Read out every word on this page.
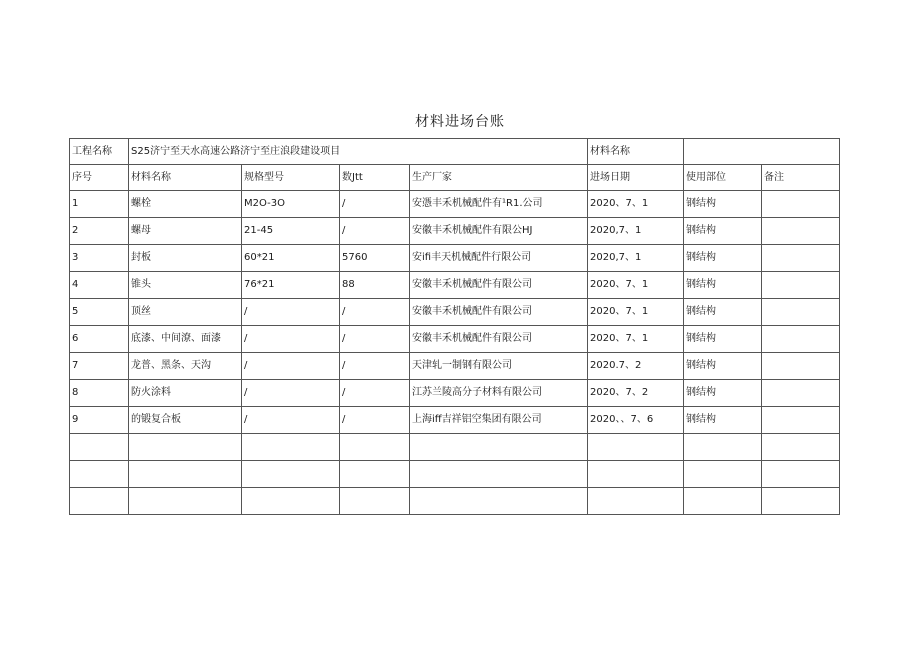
材料进场台账
工程名称	S25济宁至天水高速公路济宁至庄浪段建设项目				材料名称		
序号	材料名称	规格型号	数Jtt	生产厂家	进场日期	使用部位	备注
1	螺栓	M2O-3O	/	安憑丰禾机械配件有¹R1.公司	2020、7、1	钢结构	
2	螺母	21-45	/	安徽丰禾机械配件有限公HJ	2020,7、1	钢结构	
3	封板	60*21	5760	安ifi丰天机械配件行限公司	2020,7、1	钢结构	
4	锥头	76*21	88	安徽丰禾机械配件有限公司	2020、7、1	钢结构	
5	顶丝	/	/	安徽丰禾机械配件有限公司	2020、7、1	钢结构	
6	底漆、中间潦、面漆	/	/	安徽丰禾机械配件有限公司	2020、7、1	钢结构	
7	龙普、黑条、天沟	/	/	天津轧一制钢有限公司	2020.7、2	钢结构	
8	防火涂料	/	/	江苏兰陵高分子材料有限公司	2020、7、2	钢结构	
9	的锻复合板	/	/	上海iff吉祥铝空集团有限公司	2020、、7、6	钢结构	
